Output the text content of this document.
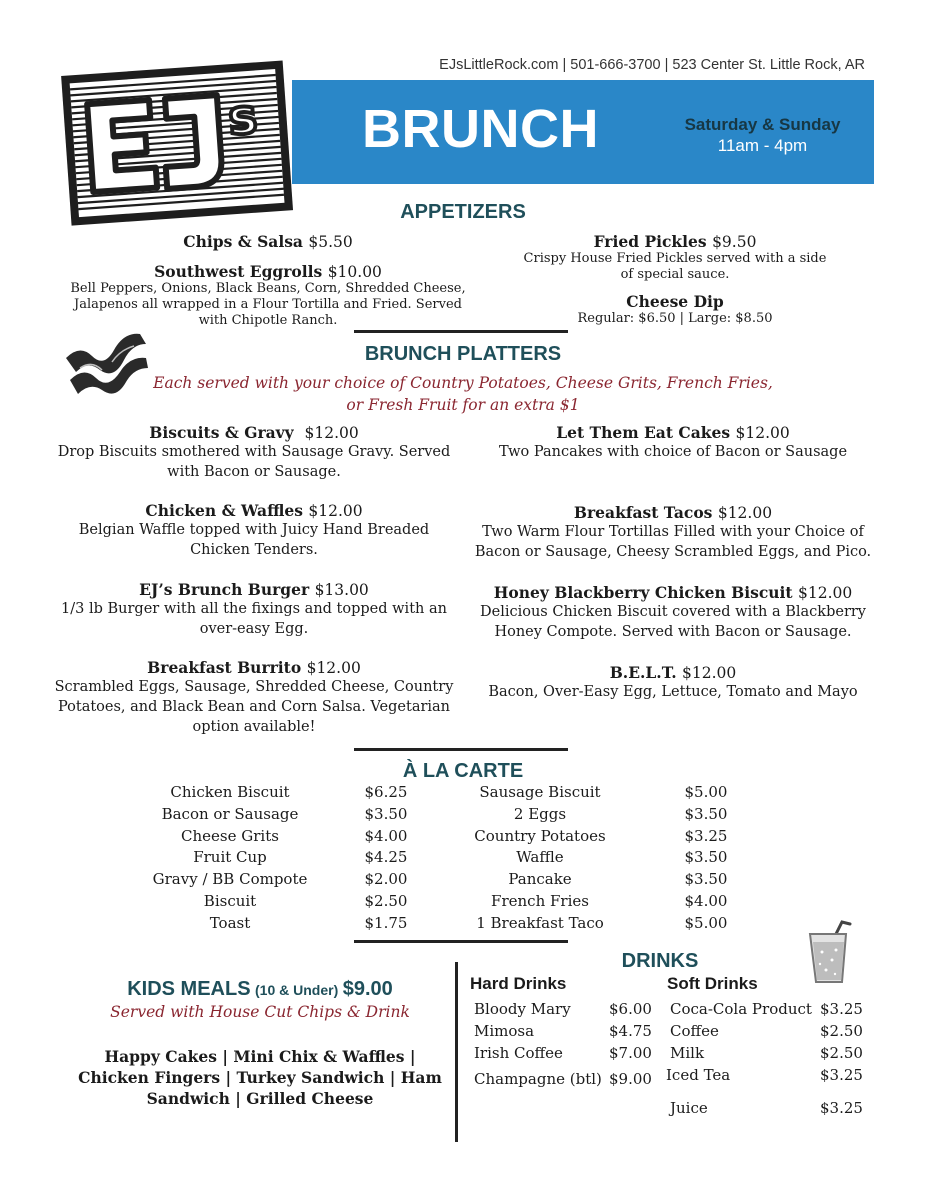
EJsLittleRock.com | 501-666-3700 | 523 Center St. Little Rock, AR
BRUNCH	Saturday & Sunday
11am - 4pm
s
APPETIZERS
Chips & Salsa $5.50
Southwest Eggrolls $10.00
Bell Peppers, Onions, Black Beans, Corn, Shredded Cheese, Jalapenos all wrapped in a Flour Tortilla and Fried. Served with Chipotle Ranch.
Fried Pickles $9.50
Crispy House Fried Pickles served with a side of special sauce.
Cheese Dip
Regular: $6.50 | Large: $8.50
BRUNCH PLATTERS
Each served with your choice of Country Potatoes, Cheese Grits, French Fries,
or Fresh Fruit for an extra $1
Biscuits & Gravy $12.00
Drop Biscuits smothered with Sausage Gravy. Served with Bacon or Sausage.
Chicken & Waffles $12.00
Belgian Waffle topped with Juicy Hand Breaded Chicken Tenders.
EJ’s Brunch Burger $13.00
1/3 lb Burger with all the fixings and topped with an over-easy Egg.
Breakfast Burrito $12.00
Scrambled Eggs, Sausage, Shredded Cheese, Country Potatoes, and Black Bean and Corn Salsa. Vegetarian option available!
Let Them Eat Cakes $12.00
Two Pancakes with choice of Bacon or Sausage
Breakfast Tacos $12.00
Two Warm Flour Tortillas Filled with your Choice of Bacon or Sausage, Cheesy Scrambled Eggs, and Pico.
Honey Blackberry Chicken Biscuit $12.00
Delicious Chicken Biscuit covered with a Blackberry Honey Compote. Served with Bacon or Sausage.
B.E.L.T. $12.00
Bacon, Over-Easy Egg, Lettuce, Tomato and Mayo
À LA CARTE
Chicken Biscuit
Bacon or Sausage
Cheese Grits
Fruit Cup
Gravy / BB Compote
Biscuit
Toast
$6.25
$3.50
$4.00
$4.25
$2.00
$2.50
$1.75
Sausage Biscuit
2 Eggs
Country Potatoes
Waffle
Pancake
French Fries
1 Breakfast Taco
$5.00
$3.50
$3.25
$3.50
$3.50
$4.00
$5.00
KIDS MEALS (10 & Under) $9.00
Served with House Cut Chips & Drink
Happy Cakes | Mini Chix & Waffles |
Chicken Fingers | Turkey Sandwich | Ham
Sandwich | Grilled Cheese
DRINKS
Hard Drinks	Soft Drinks
Bloody Mary
Mimosa
Irish Coffee
Champagne (btl)
$6.00
$4.75
$7.00
$9.00
Coca-Cola Product
Coffee
Milk
Iced Tea
Juice
$3.25
$2.50
$2.50
$3.25
$3.25
